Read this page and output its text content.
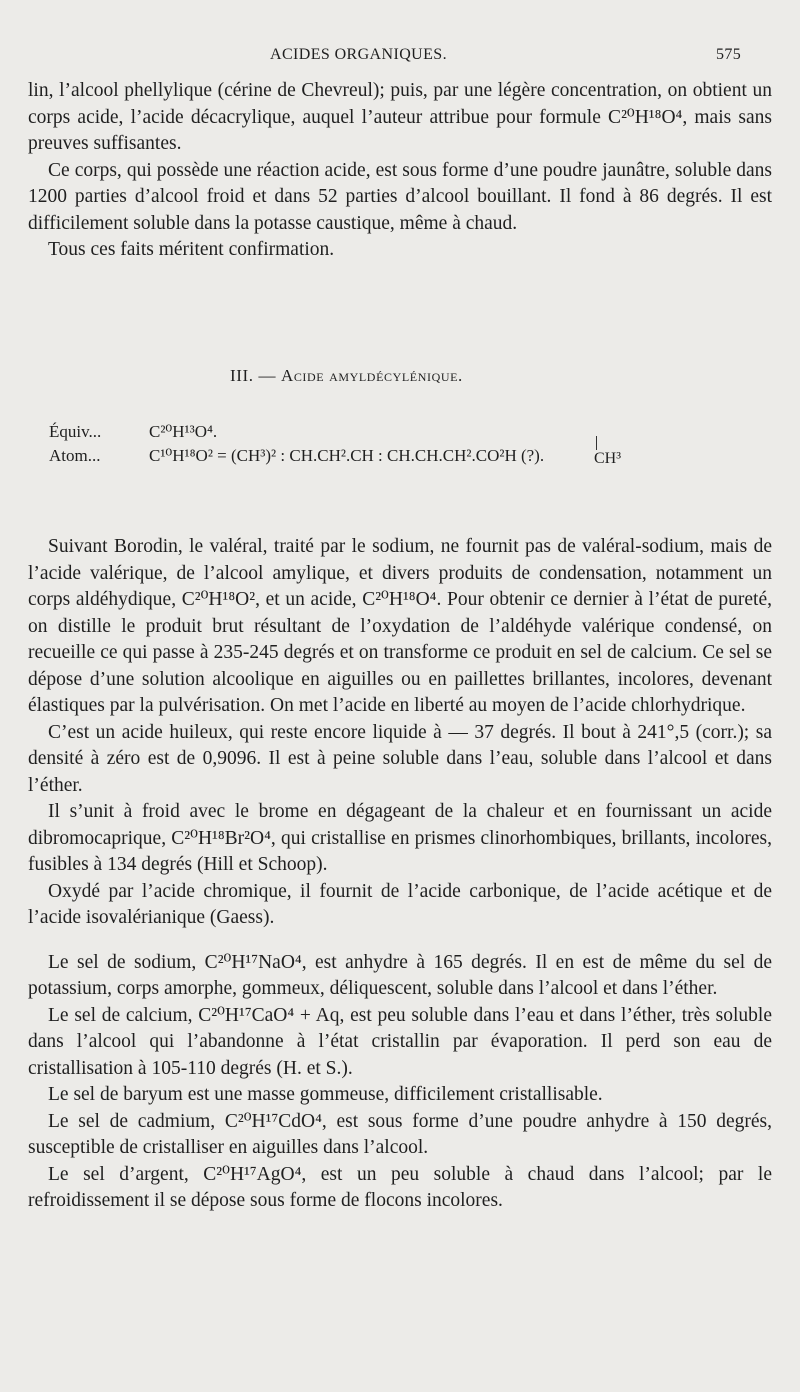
ACIDES ORGANIQUES.	575

lin, l’alcool phellylique (cérine de Chevreul); puis, par une légère concentration, on obtient un corps acide, l’acide décacrylique, auquel l’auteur attribue pour formule C²⁰H¹⁸O⁴, mais sans preuves suffisantes.

Ce corps, qui possède une réaction acide, est sous forme d’une poudre jaunâtre, soluble dans 1200 parties d’alcool froid et dans 52 parties d’alcool bouillant. Il fond à 86 degrés. Il est difficilement soluble dans la potasse caustique, même à chaud.

Tous ces faits méritent confirmation.

III. — Acide amyldécylénique.
Équiv...	C²⁰H¹³O⁴.
Atom...	C¹⁰H¹⁸O² = (CH³)² : CH.CH².CH : CH.CH.CH².CO²H (?).	CH³

Suivant Borodin, le valéral, traité par le sodium, ne fournit pas de valéral-sodium, mais de l’acide valérique, de l’alcool amylique, et divers produits de condensation, notamment un corps aldéhydique, C²⁰H¹⁸O², et un acide, C²⁰H¹⁸O⁴. Pour obtenir ce dernier à l’état de pureté, on distille le produit brut résultant de l’oxydation de l’aldéhyde valérique condensé, on recueille ce qui passe à 235-245 degrés et on transforme ce produit en sel de calcium. Ce sel se dépose d’une solution alcoolique en aiguilles ou en paillettes brillantes, incolores, devenant élastiques par la pulvérisation. On met l’acide en liberté au moyen de l’acide chlorhydrique.

C’est un acide huileux, qui reste encore liquide à — 37 degrés. Il bout à 241°,5 (corr.); sa densité à zéro est de 0,9096. Il est à peine soluble dans l’eau, soluble dans l’alcool et dans l’éther.

Il s’unit à froid avec le brome en dégageant de la chaleur et en fournissant un acide dibromocaprique, C²⁰H¹⁸Br²O⁴, qui cristallise en prismes clinorhombiques, brillants, incolores, fusibles à 134 degrés (Hill et Schoop).

Oxydé par l’acide chromique, il fournit de l’acide carbonique, de l’acide acétique et de l’acide isovalérianique (Gaess).

Le sel de sodium, C²⁰H¹⁷NaO⁴, est anhydre à 165 degrés. Il en est de même du sel de potassium, corps amorphe, gommeux, déliquescent, soluble dans l’alcool et dans l’éther.

Le sel de calcium, C²⁰H¹⁷CaO⁴ + Aq, est peu soluble dans l’eau et dans l’éther, très soluble dans l’alcool qui l’abandonne à l’état cristallin par évaporation. Il perd son eau de cristallisation à 105-110 degrés (H. et S.).

Le sel de baryum est une masse gommeuse, difficilement cristallisable.

Le sel de cadmium, C²⁰H¹⁷CdO⁴, est sous forme d’une poudre anhydre à 150 degrés, susceptible de cristalliser en aiguilles dans l’alcool.

Le sel d’argent, C²⁰H¹⁷AgO⁴, est un peu soluble à chaud dans l’alcool; par le refroidissement il se dépose sous forme de flocons incolores.
